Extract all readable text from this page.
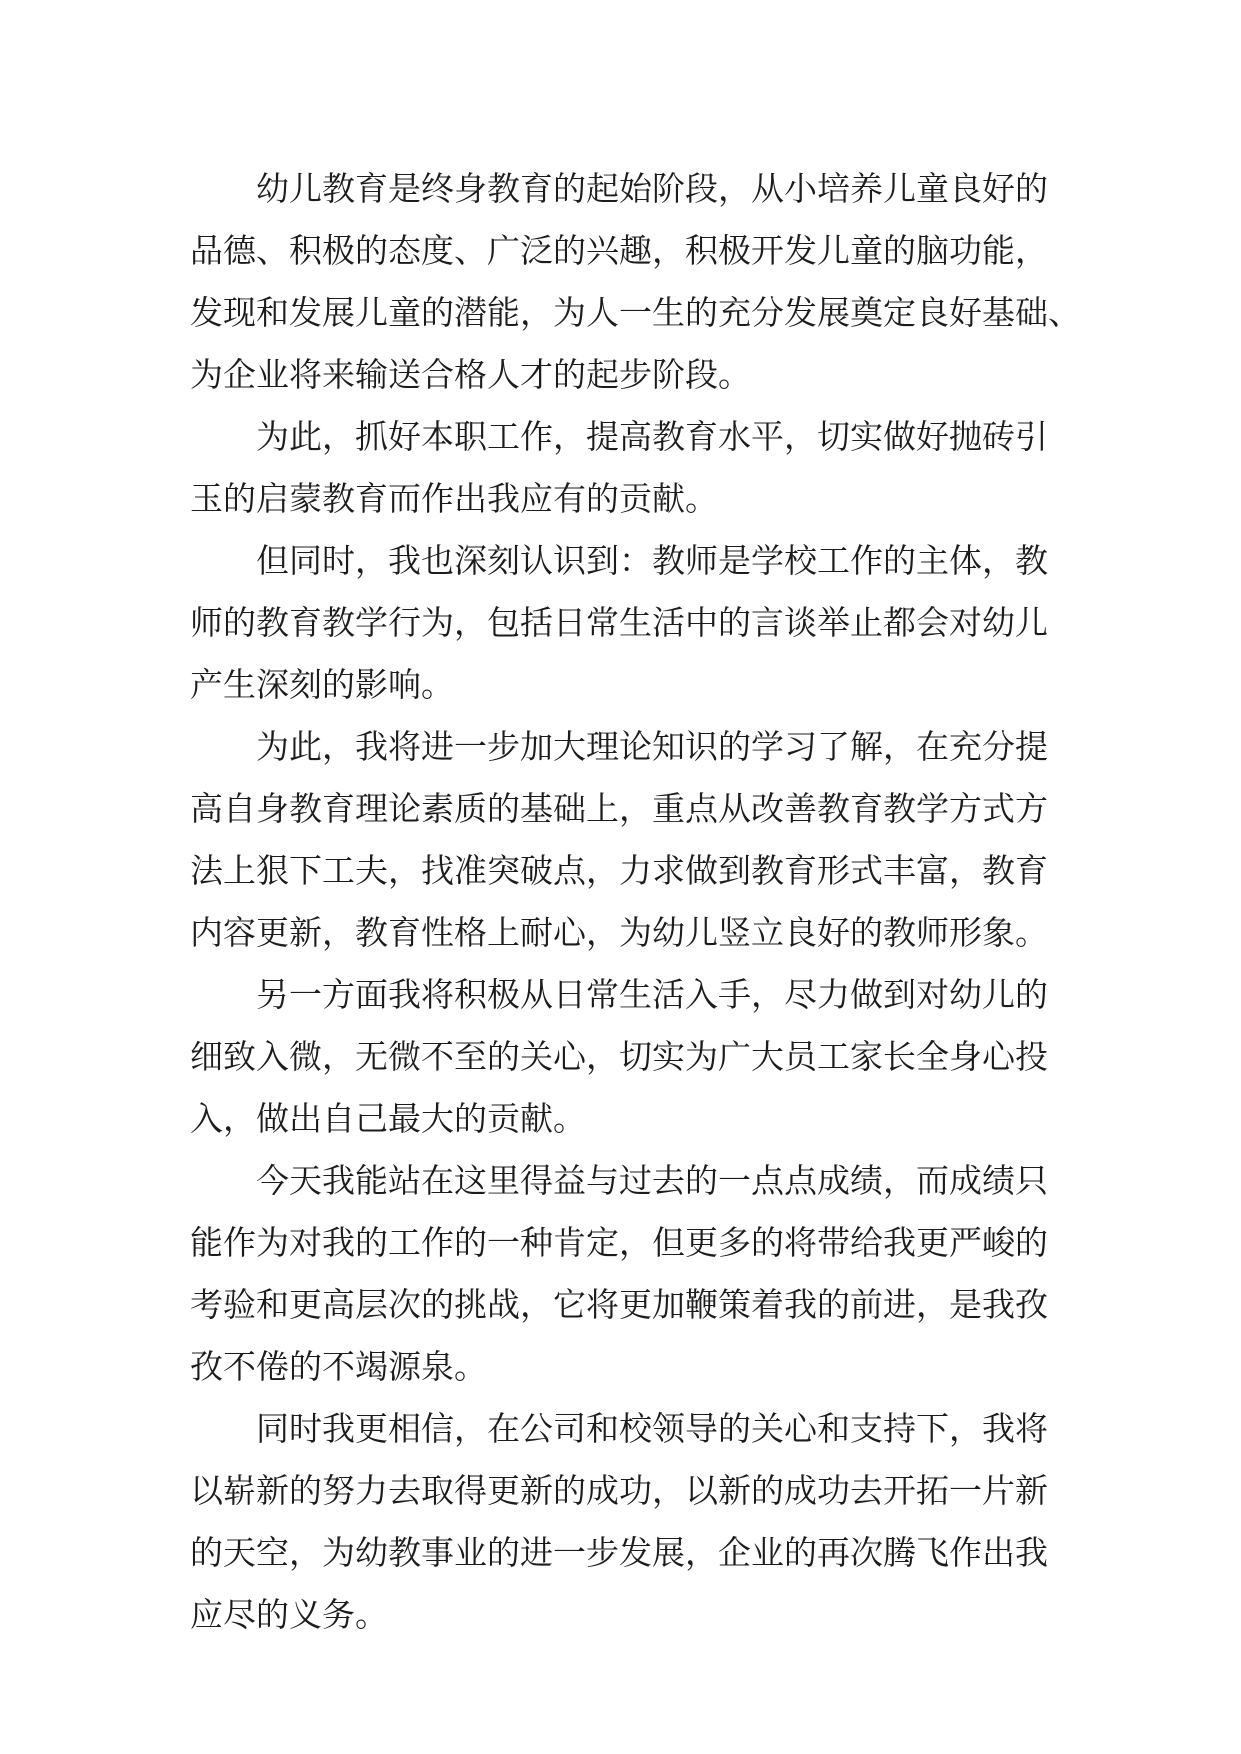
幼儿教育是终身教育的起始阶段，从小培养儿童良好的
品德、积极的态度、广泛的兴趣，积极开发儿童的脑功能，
发现和发展儿童的潜能，为人一生的充分发展奠定良好基础、
为企业将来输送合格人才的起步阶段。

为此，抓好本职工作，提高教育水平，切实做好抛砖引
玉的启蒙教育而作出我应有的贡献。

但同时，我也深刻认识到：教师是学校工作的主体，教
师的教育教学行为，包括日常生活中的言谈举止都会对幼儿
产生深刻的影响。

为此，我将进一步加大理论知识的学习了解，在充分提
高自身教育理论素质的基础上，重点从改善教育教学方式方
法上狠下工夫，找准突破点，力求做到教育形式丰富，教育
内容更新，教育性格上耐心，为幼儿竖立良好的教师形象。

另一方面我将积极从日常生活入手，尽力做到对幼儿的
细致入微，无微不至的关心，切实为广大员工家长全身心投
入，做出自己最大的贡献。

今天我能站在这里得益与过去的一点点成绩，而成绩只
能作为对我的工作的一种肯定，但更多的将带给我更严峻的
考验和更高层次的挑战，它将更加鞭策着我的前进，是我孜
孜不倦的不竭源泉。

同时我更相信，在公司和校领导的关心和支持下，我将
以崭新的努力去取得更新的成功，以新的成功去开拓一片新
的天空，为幼教事业的进一步发展，企业的再次腾飞作出我
应尽的义务。
